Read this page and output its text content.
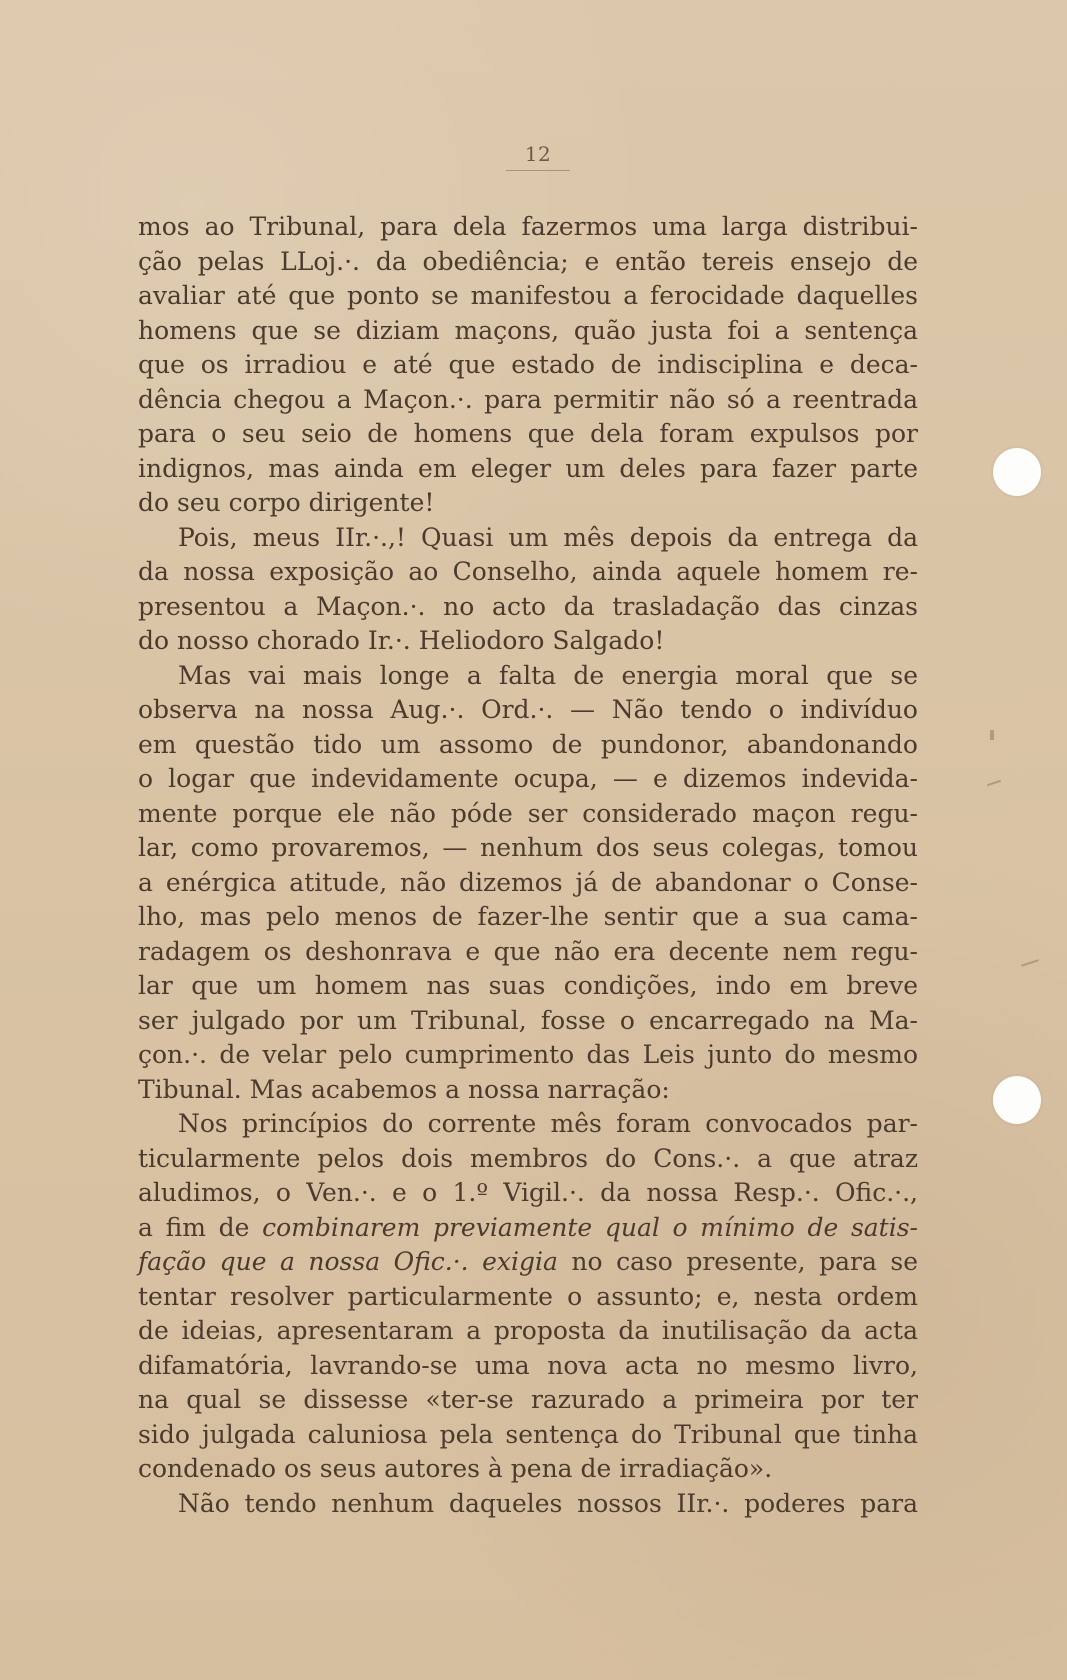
12

mos ao Tribunal, para dela fazermos uma larga distribui-

ção pelas LLoj.·. da obediência; e então tereis ensejo de

avaliar até que ponto se manifestou a ferocidade daquelles

homens que se diziam maçons, quão justa foi a sentença

que os irradiou e até que estado de indisciplina e deca-

dência chegou a Maçon.·. para permitir não só a reentrada

para o seu seio de homens que dela foram expulsos por

indignos, mas ainda em eleger um deles para fazer parte

do seu corpo dirigente!

Pois, meus IIr.·.,! Quasi um mês depois da entrega da

da nossa exposição ao Conselho, ainda aquele homem re-

presentou a Maçon.·. no acto da trasladação das cinzas

do nosso chorado Ir.·. Heliodoro Salgado!

Mas vai mais longe a falta de energia moral que se

observa na nossa Aug.·. Ord.·. — Não tendo o indivíduo

em questão tido um assomo de pundonor, abandonando

o logar que indevidamente ocupa, — e dizemos indevida-

mente porque ele não póde ser considerado maçon regu-

lar, como provaremos, — nenhum dos seus colegas, tomou

a enérgica atitude, não dizemos já de abandonar o Conse-

lho, mas pelo menos de fazer-lhe sentir que a sua cama-

radagem os deshonrava e que não era decente nem regu-

lar que um homem nas suas condições, indo em breve

ser julgado por um Tribunal, fosse o encarregado na Ma-

çon.·. de velar pelo cumprimento das Leis junto do mesmo

Tibunal. Mas acabemos a nossa narração:

Nos princípios do corrente mês foram convocados par-

ticularmente pelos dois membros do Cons.·. a que atraz

aludimos, o Ven.·. e o 1.º Vigil.·. da nossa Resp.·. Ofic.·.,

a fim de combinarem previamente qual o mínimo de satis-

fação que a nossa Ofic.·. exigia no caso presente, para se

tentar resolver particularmente o assunto; e, nesta ordem

de ideias, apresentaram a proposta da inutilisação da acta

difamatória, lavrando-se uma nova acta no mesmo livro,

na qual se dissesse «ter-se razurado a primeira por ter

sido julgada caluniosa pela sentença do Tribunal que tinha

condenado os seus autores à pena de irradiação».

Não tendo nenhum daqueles nossos IIr.·. poderes para
